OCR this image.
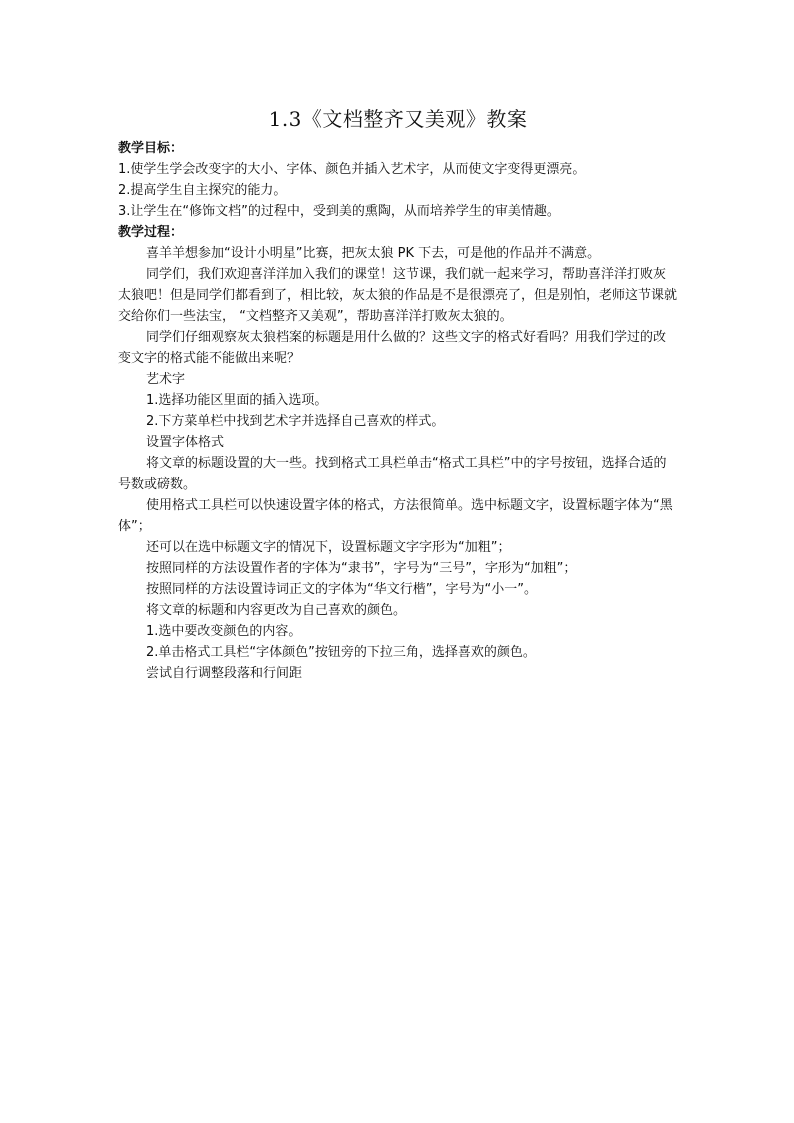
1.3《文档整齐又美观》教案
教学目标：
1.使学生学会改变字的大小、字体、颜色并插入艺术字，从而使文字变得更漂亮。
2.提高学生自主探究的能力。
3.让学生在“修饰文档”的过程中，受到美的熏陶，从而培养学生的审美情趣。
教学过程：
喜羊羊想参加“设计小明星”比赛，把灰太狼 PK 下去，可是他的作品并不满意。
同学们，我们欢迎喜洋洋加入我们的课堂！这节课，我们就一起来学习，帮助喜洋洋打败灰太狼吧！但是同学们都看到了，相比较，灰太狼的作品是不是很漂亮了，但是别怕，老师这节课就交给你们一些法宝， “文档整齐又美观”，帮助喜洋洋打败灰太狼的。
同学们仔细观察灰太狼档案的标题是用什么做的？这些文字的格式好看吗？用我们学过的改变文字的格式能不能做出来呢？
艺术字
1.选择功能区里面的插入选项。
2.下方菜单栏中找到艺术字并选择自己喜欢的样式。
设置字体格式
将文章的标题设置的大一些。找到格式工具栏单击“格式工具栏”中的字号按钮，选择合适的号数或磅数。
使用格式工具栏可以快速设置字体的格式，方法很简单。选中标题文字，设置标题字体为“黑体”；
还可以在选中标题文字的情况下，设置标题文字字形为“加粗”；
按照同样的方法设置作者的字体为“隶书”，字号为“三号”，字形为“加粗”；
按照同样的方法设置诗词正文的字体为“华文行楷”，字号为“小一”。
将文章的标题和内容更改为自己喜欢的颜色。
1.选中要改变颜色的内容。
2.单击格式工具栏“字体颜色”按钮旁的下拉三角，选择喜欢的颜色。
尝试自行调整段落和行间距
